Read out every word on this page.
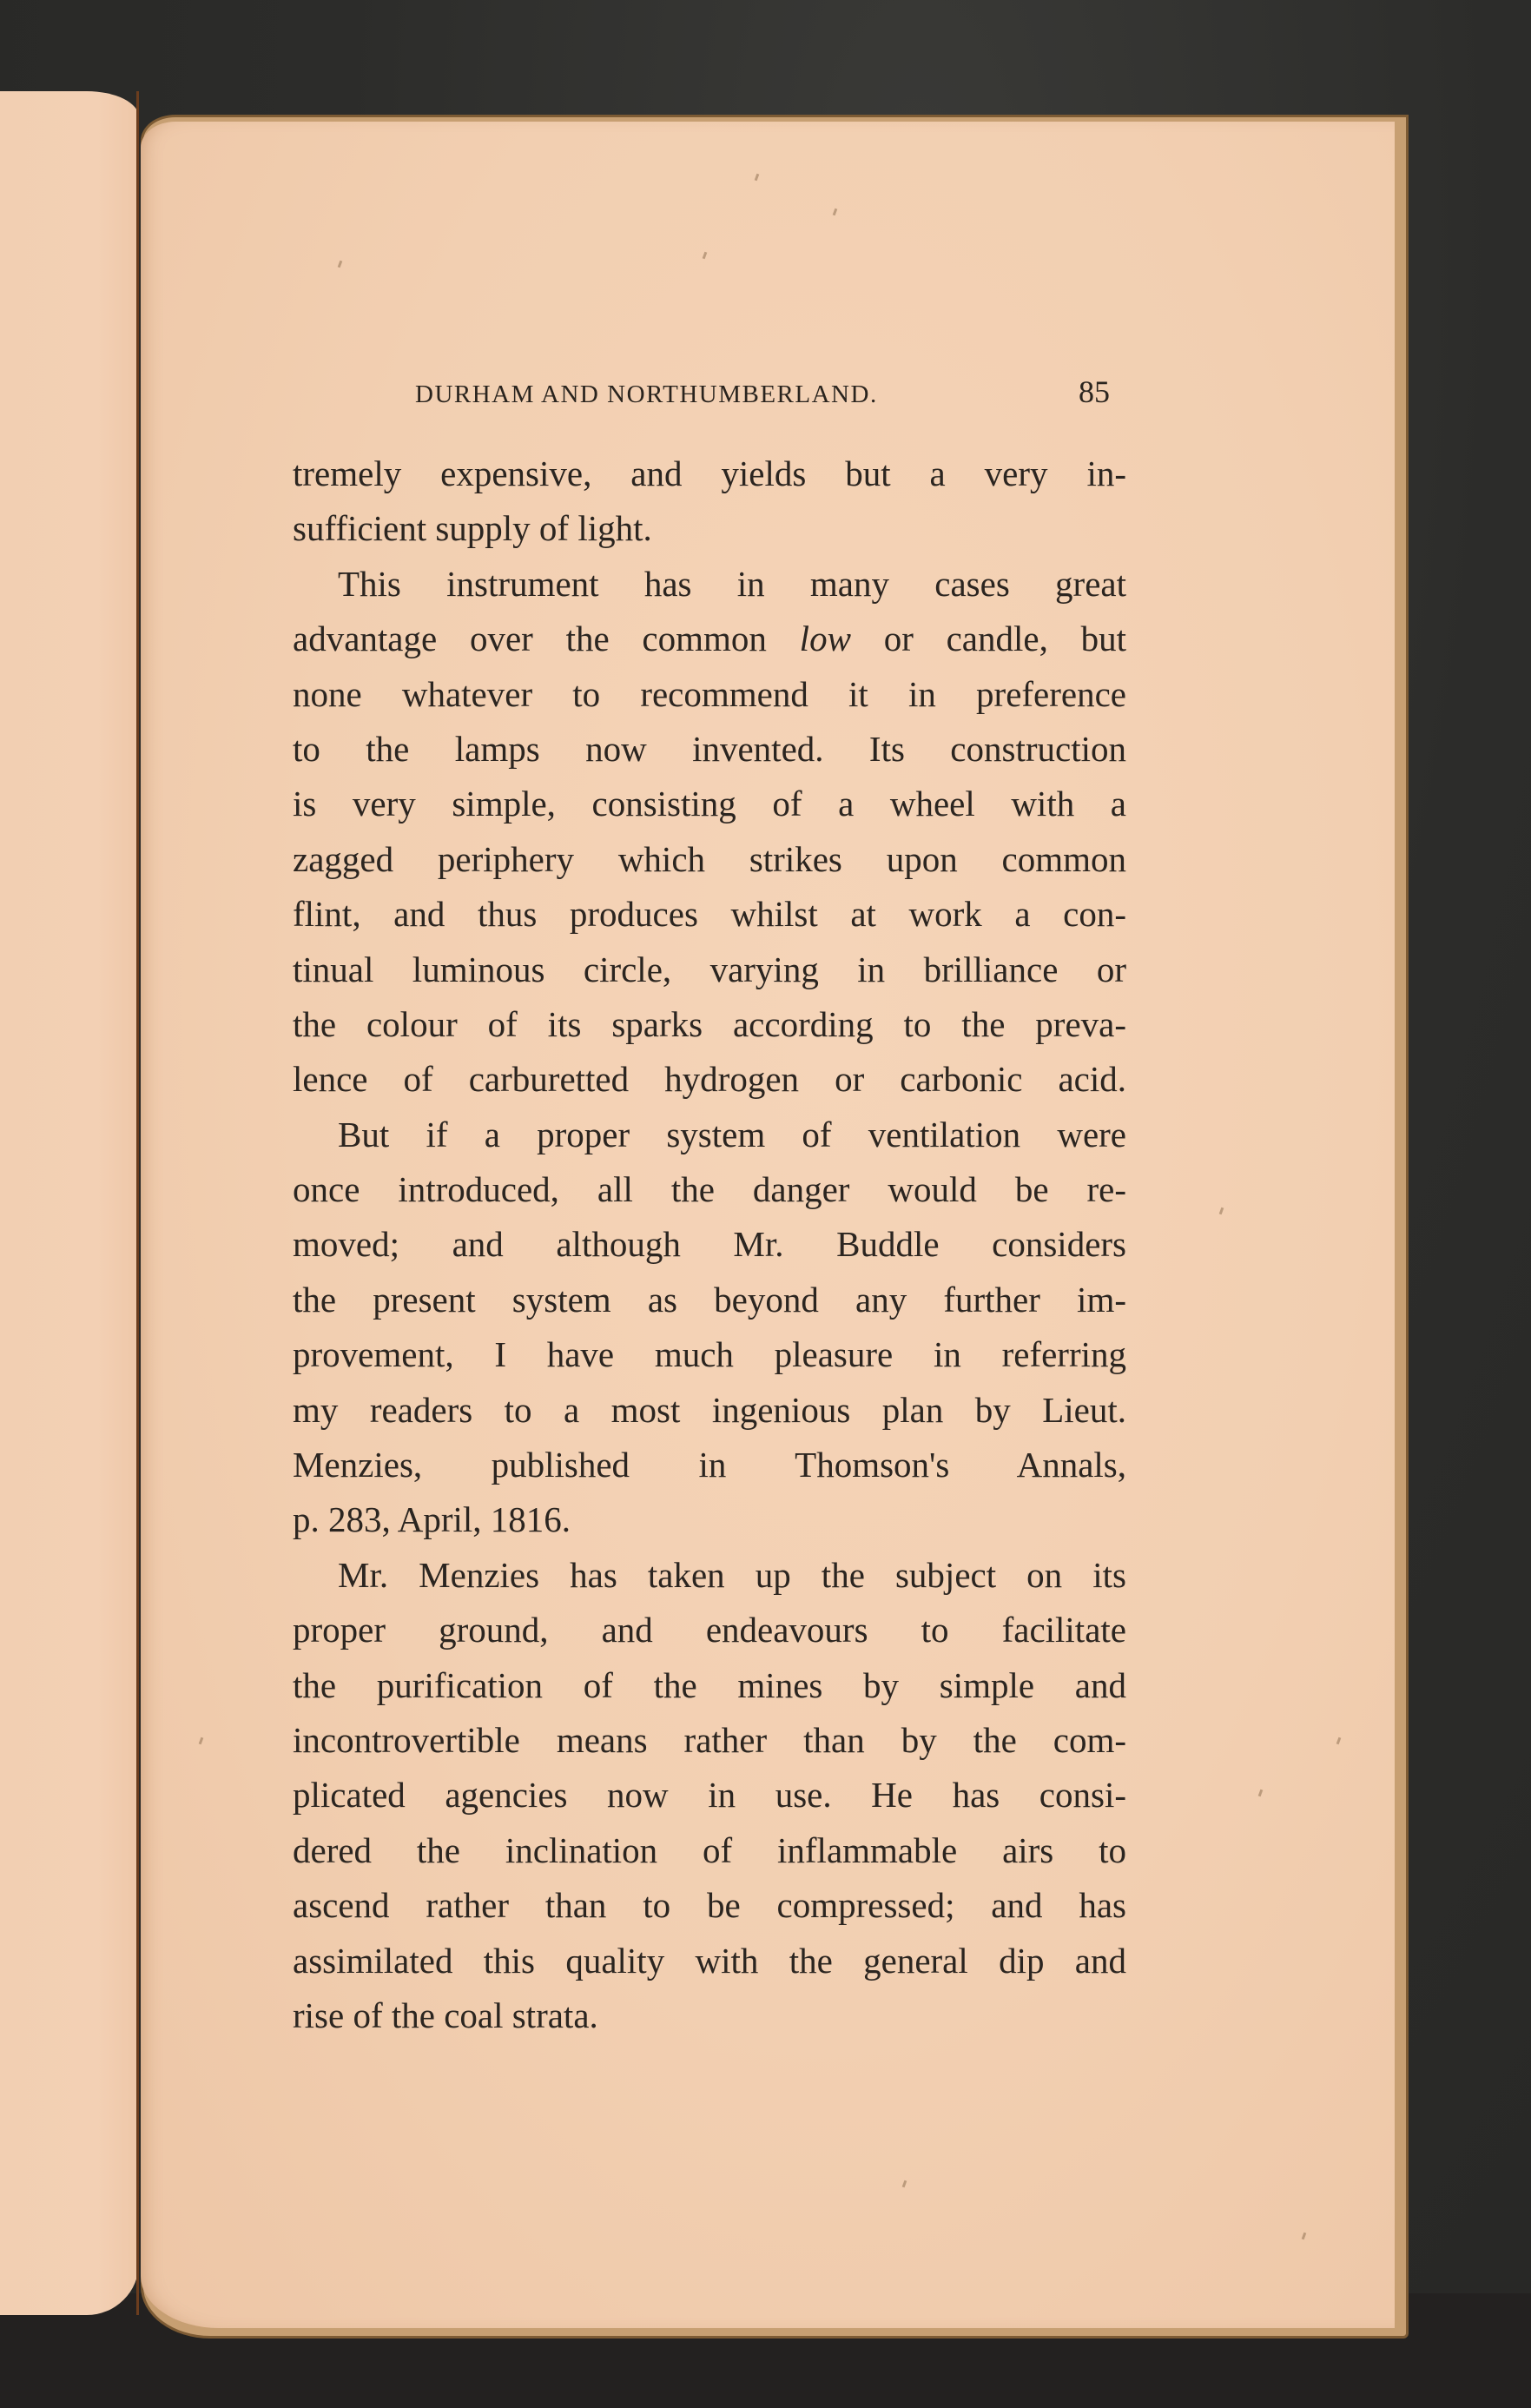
DURHAM AND NORTHUMBERLAND.	85
tremely expensive, and yields but a very in-
sufficient supply of light.
This instrument has in many cases great
advantage over the common low or candle, but
none whatever to recommend it in preference
to the lamps now invented. Its construction
is very simple, consisting of a wheel with a
zagged periphery which strikes upon common
flint, and thus produces whilst at work a con-
tinual luminous circle, varying in brilliance or
the colour of its sparks according to the preva-
lence of carburetted hydrogen or carbonic acid.
But if a proper system of ventilation were
once introduced, all the danger would be re-
moved; and although Mr. Buddle considers
the present system as beyond any further im-
provement, I have much pleasure in referring
my readers to a most ingenious plan by Lieut.
Menzies, published in Thomson's Annals,
p. 283, April, 1816.
Mr. Menzies has taken up the subject on its
proper ground, and endeavours to facilitate
the purification of the mines by simple and
incontrovertible means rather than by the com-
plicated agencies now in use. He has consi-
dered the inclination of inflammable airs to
ascend rather than to be compressed; and has
assimilated this quality with the general dip and
rise of the coal strata.
